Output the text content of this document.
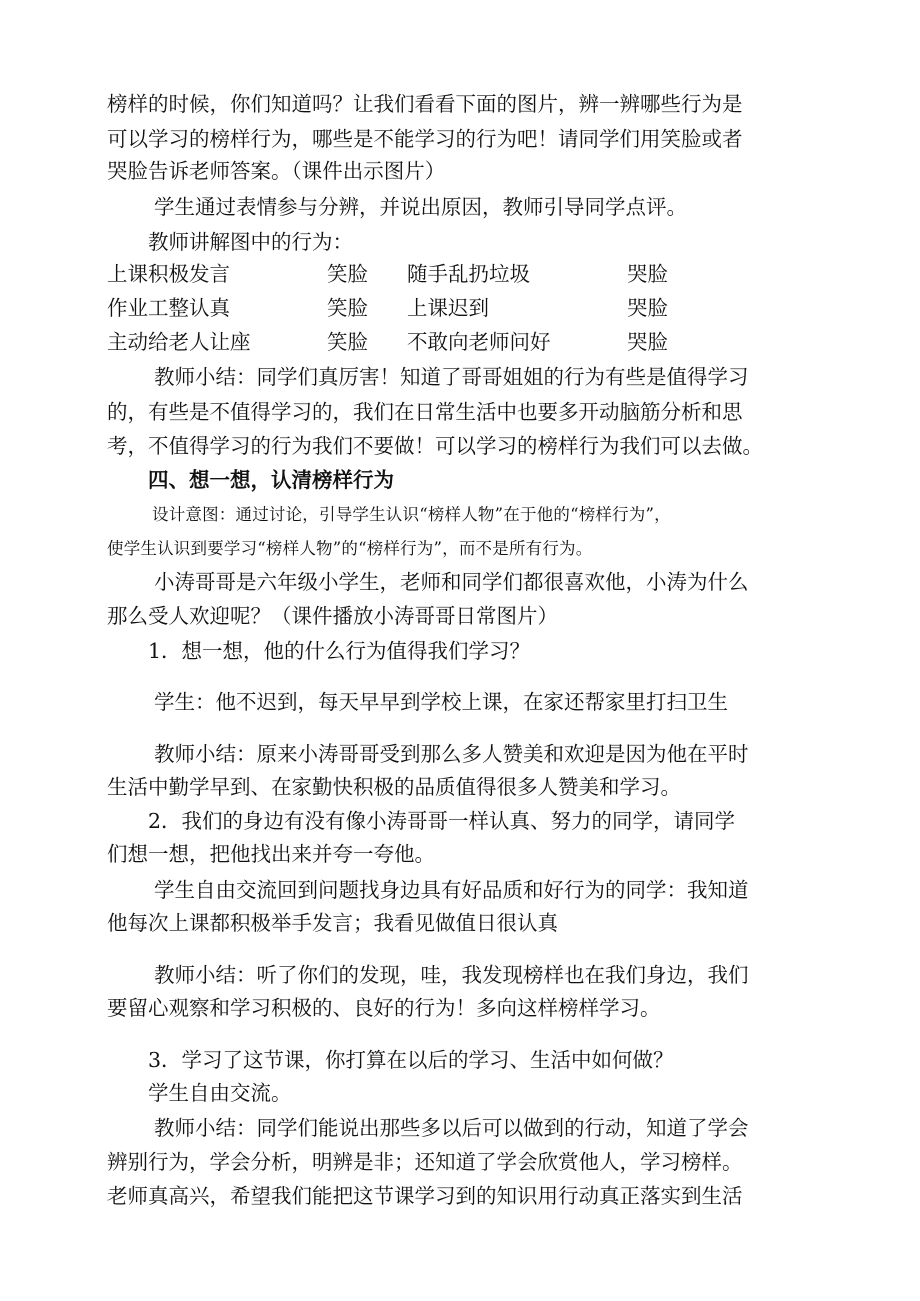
榜样的时候，你们知道吗？让我们看看下面的图片，辨一辨哪些行为是
可以学习的榜样行为，哪些是不能学习的行为吧！请同学们用笑脸或者
哭脸告诉老师答案。（课件出示图片）
学生通过表情参与分辨，并说出原因，教师引导同学点评。
教师讲解图中的行为：
上课积极发言	笑脸 随手乱扔垃圾	哭脸
作业工整认真	笑脸 上课迟到	哭脸
主动给老人让座	笑脸 不敢向老师问好	哭脸
教师小结：同学们真厉害！知道了哥哥姐姐的行为有些是值得学习
的，有些是不值得学习的，我们在日常生活中也要多开动脑筋分析和思
考，不值得学习的行为我们不要做！可以学习的榜样行为我们可以去做。
四、想一想，认清榜样行为
设计意图：通过讨论，引导学生认识“榜样人物”在于他的“榜样行为”，
使学生认识到要学习“榜样人物”的“榜样行为”，而不是所有行为。
小涛哥哥是六年级小学生，老师和同学们都很喜欢他，小涛为什么
那么受人欢迎呢？（课件播放小涛哥哥日常图片）
1．想一想，他的什么行为值得我们学习？
学生：他不迟到，每天早早到学校上课，在家还帮家里打扫卫生
教师小结：原来小涛哥哥受到那么多人赞美和欢迎是因为他在平时
生活中勤学早到、在家勤快积极的品质值得很多人赞美和学习。
2．我们的身边有没有像小涛哥哥一样认真、努力的同学，请同学
们想一想，把他找出来并夸一夸他。
学生自由交流回到问题找身边具有好品质和好行为的同学：我知道
他每次上课都积极举手发言；我看见做值日很认真
教师小结：听了你们的发现，哇，我发现榜样也在我们身边，我们
要留心观察和学习积极的、良好的行为！多向这样榜样学习。
3．学习了这节课，你打算在以后的学习、生活中如何做？
学生自由交流。
教师小结：同学们能说出那些多以后可以做到的行动，知道了学会
辨别行为，学会分析，明辨是非；还知道了学会欣赏他人，学习榜样。
老师真高兴，希望我们能把这节课学习到的知识用行动真正落实到生活
